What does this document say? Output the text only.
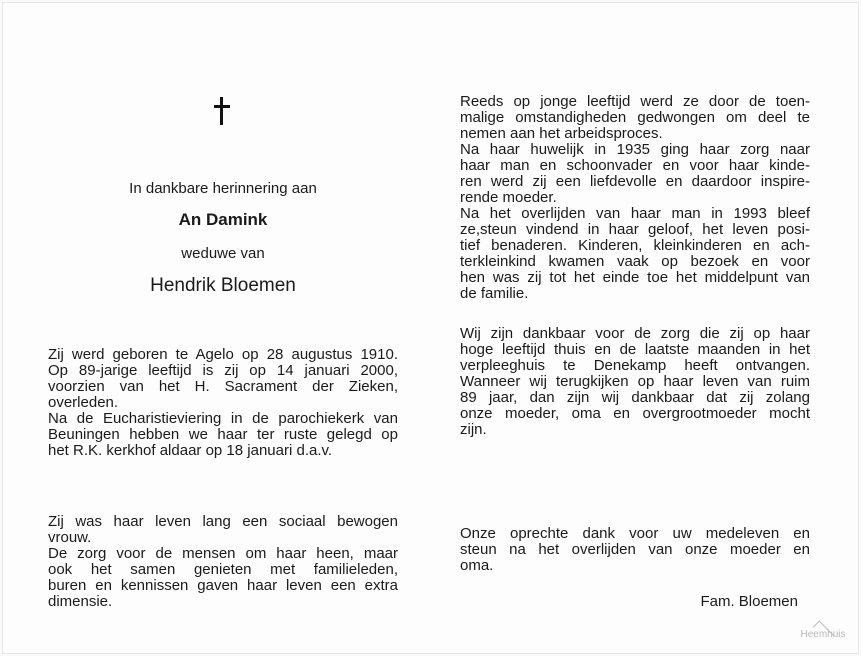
In dankbare herinnering aan
An Damink
weduwe van
Hendrik Bloemen
Zij werd geboren te Agelo op 28 augustus 1910.
Op 89-jarige leeftijd is zij op 14 januari 2000,
voorzien van het H. Sacrament der Zieken,
overleden.
Na de Eucharistieviering in de parochiekerk van
Beuningen hebben we haar ter ruste gelegd op
het R.K. kerkhof aldaar op 18 januari d.a.v.
Zij was haar leven lang een sociaal bewogen
vrouw.
De zorg voor de mensen om haar heen, maar
ook het samen genieten met familieleden,
buren en kennissen gaven haar leven een extra
dimensie.
Reeds op jonge leeftijd werd ze door de toen-
malige omstandigheden gedwongen om deel te
nemen aan het arbeidsproces.
Na haar huwelijk in 1935 ging haar zorg naar
haar man en schoonvader en voor haar kinde-
ren werd zij een liefdevolle en daardoor inspire-
rende moeder.
Na het overlijden van haar man in 1993 bleef
ze,steun vindend in haar geloof, het leven posi-
tief benaderen. Kinderen, kleinkinderen en ach-
terkleinkind kwamen vaak op bezoek en voor
hen was zij tot het einde toe het middelpunt van
de familie.
Wij zijn dankbaar voor de zorg die zij op haar
hoge leeftijd thuis en de laatste maanden in het
verpleeghuis te Denekamp heeft ontvangen.
Wanneer wij terugkijken op haar leven van ruim
89 jaar, dan zijn wij dankbaar dat zij zolang
onze moeder, oma en overgrootmoeder mocht
zijn.
Onze oprechte dank voor uw medeleven en
steun na het overlijden van onze moeder en
oma.
Fam. Bloemen
Heemhuis
